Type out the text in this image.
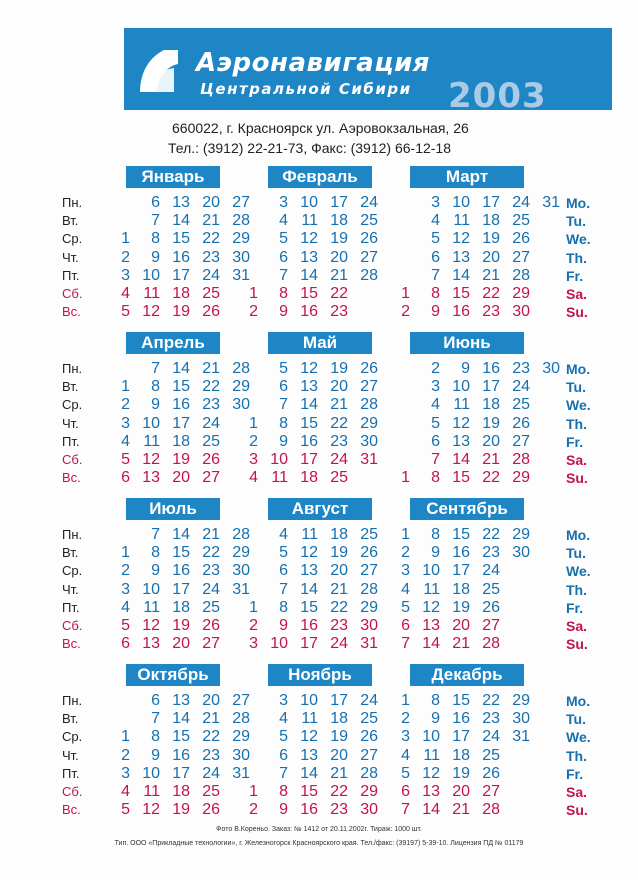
Аэронавигация
Центральной Сибири 2003
660022, г. Красноярск ул. Аэровокзальная, 26
Тел.: (3912) 22-21-73, Факс: (3912) 66-12-18
Январь
1
2
3
4
5
6
7
8
9
10
11
12
13
14
15
16
17
18
19
20
21
22
23
24
25
26
27
28
29
30
31
Февраль
1
2
3
4
5
6
7
8
9
10
11
12
13
14
15
16
17
18
19
20
21
22
23
24
25
26
27
28
Март
1
2
3
4
5
6
7
8
9
10
11
12
13
14
15
16
17
18
19
20
21
22
23
24
25
26
27
28
29
30
31
Апрель
1
2
3
4
5
6
7
8
9
10
11
12
13
14
15
16
17
18
19
20
21
22
23
24
25
26
27
28
29
30
Май
1
2
3
4
5
6
7
8
9
10
11
12
13
14
15
16
17
18
19
20
21
22
23
24
25
26
27
28
29
30
31
Июнь
1
2
3
4
5
6
7
8
9
10
11
12
13
14
15
16
17
18
19
20
21
22
23
24
25
26
27
28
29
30
Июль
1
2
3
4
5
6
7
8
9
10
11
12
13
14
15
16
17
18
19
20
21
22
23
24
25
26
27
28
29
30
31
Август
1
2
3
4
5
6
7
8
9
10
11
12
13
14
15
16
17
18
19
20
21
22
23
24
25
26
27
28
29
30
31
Сентябрь
1
2
3
4
5
6
7
8
9
10
11
12
13
14
15
16
17
18
19
20
21
22
23
24
25
26
27
28
29
30
Октябрь
1
2
3
4
5
6
7
8
9
10
11
12
13
14
15
16
17
18
19
20
21
22
23
24
25
26
27
28
29
30
31
Ноябрь
1
2
3
4
5
6
7
8
9
10
11
12
13
14
15
16
17
18
19
20
21
22
23
24
25
26
27
28
29
30
Декабрь
1
2
3
4
5
6
7
8
9
10
11
12
13
14
15
16
17
18
19
20
21
22
23
24
25
26
27
28
29
30
31
Фото В.Кореньо. Заказ: № 1412 от 20.11.2002г. Тираж: 1000 шт.
Тип. ООО «Прикладные технологии», г. Железногорск Красноярского края. Тел./факс: (39197) 5-39-10. Лицензия ПД № 01179
Пн.
Вт.
Ср.
Чт.
Пт.
Сб.
Вс.
Mo.
Tu.
We.
Th.
Fr.
Sa.
Su.
Пн.
Вт.
Ср.
Чт.
Пт.
Сб.
Вс.
Mo.
Tu.
We.
Th.
Fr.
Sa.
Su.
Пн.
Вт.
Ср.
Чт.
Пт.
Сб.
Вс.
Mo.
Tu.
We.
Th.
Fr.
Sa.
Su.
Пн.
Вт.
Ср.
Чт.
Пт.
Сб.
Вс.
Mo.
Tu.
We.
Th.
Fr.
Sa.
Su.
